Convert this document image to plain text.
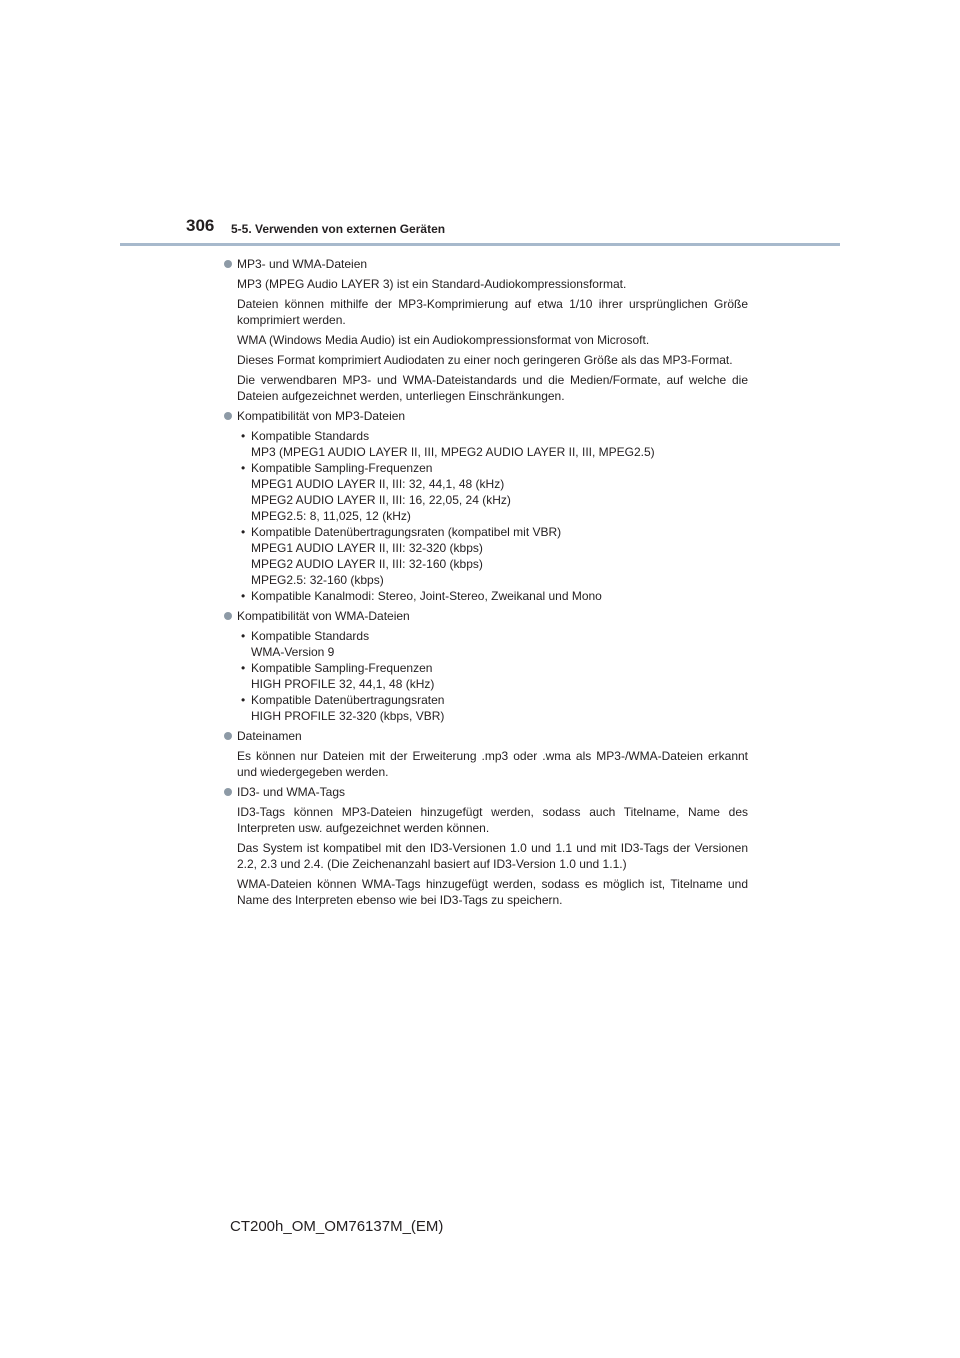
306 5-5. Verwenden von externen Geräten
MP3- und WMA-Dateien
MP3 (MPEG Audio LAYER 3) ist ein Standard-Audiokompressionsformat.
Dateien können mithilfe der MP3-Komprimierung auf etwa 1/10 ihrer ursprünglichen Größe komprimiert werden.
WMA (Windows Media Audio) ist ein Audiokompressionsformat von Microsoft.
Dieses Format komprimiert Audiodaten zu einer noch geringeren Größe als das MP3-Format.
Die verwendbaren MP3- und WMA-Dateistandards und die Medien/Formate, auf welche die Dateien aufgezeichnet werden, unterliegen Einschränkungen.
Kompatibilität von MP3-Dateien
• Kompatible Standards
MP3 (MPEG1 AUDIO LAYER II, III, MPEG2 AUDIO LAYER II, III, MPEG2.5)
• Kompatible Sampling-Frequenzen
MPEG1 AUDIO LAYER II, III: 32, 44,1, 48 (kHz)
MPEG2 AUDIO LAYER II, III: 16, 22,05, 24 (kHz)
MPEG2.5: 8, 11,025, 12 (kHz)
• Kompatible Datenübertragungsraten (kompatibel mit VBR)
MPEG1 AUDIO LAYER II, III: 32-320 (kbps)
MPEG2 AUDIO LAYER II, III: 32-160 (kbps)
MPEG2.5: 32-160 (kbps)
• Kompatible Kanalmodi: Stereo, Joint-Stereo, Zweikanal und Mono
Kompatibilität von WMA-Dateien
• Kompatible Standards
WMA-Version 9
• Kompatible Sampling-Frequenzen
HIGH PROFILE 32, 44,1, 48 (kHz)
• Kompatible Datenübertragungsraten
HIGH PROFILE 32-320 (kbps, VBR)
Dateinamen
Es können nur Dateien mit der Erweiterung .mp3 oder .wma als MP3-/WMA-Dateien erkannt und wiedergegeben werden.
ID3- und WMA-Tags
ID3-Tags können MP3-Dateien hinzugefügt werden, sodass auch Titelname, Name des Interpreten usw. aufgezeichnet werden können.
Das System ist kompatibel mit den ID3-Versionen 1.0 und 1.1 und mit ID3-Tags der Versionen 2.2, 2.3 und 2.4. (Die Zeichenanzahl basiert auf ID3-Version 1.0 und 1.1.)
WMA-Dateien können WMA-Tags hinzugefügt werden, sodass es möglich ist, Titelname und Name des Interpreten ebenso wie bei ID3-Tags zu speichern.
CT200h_OM_OM76137M_(EM)
